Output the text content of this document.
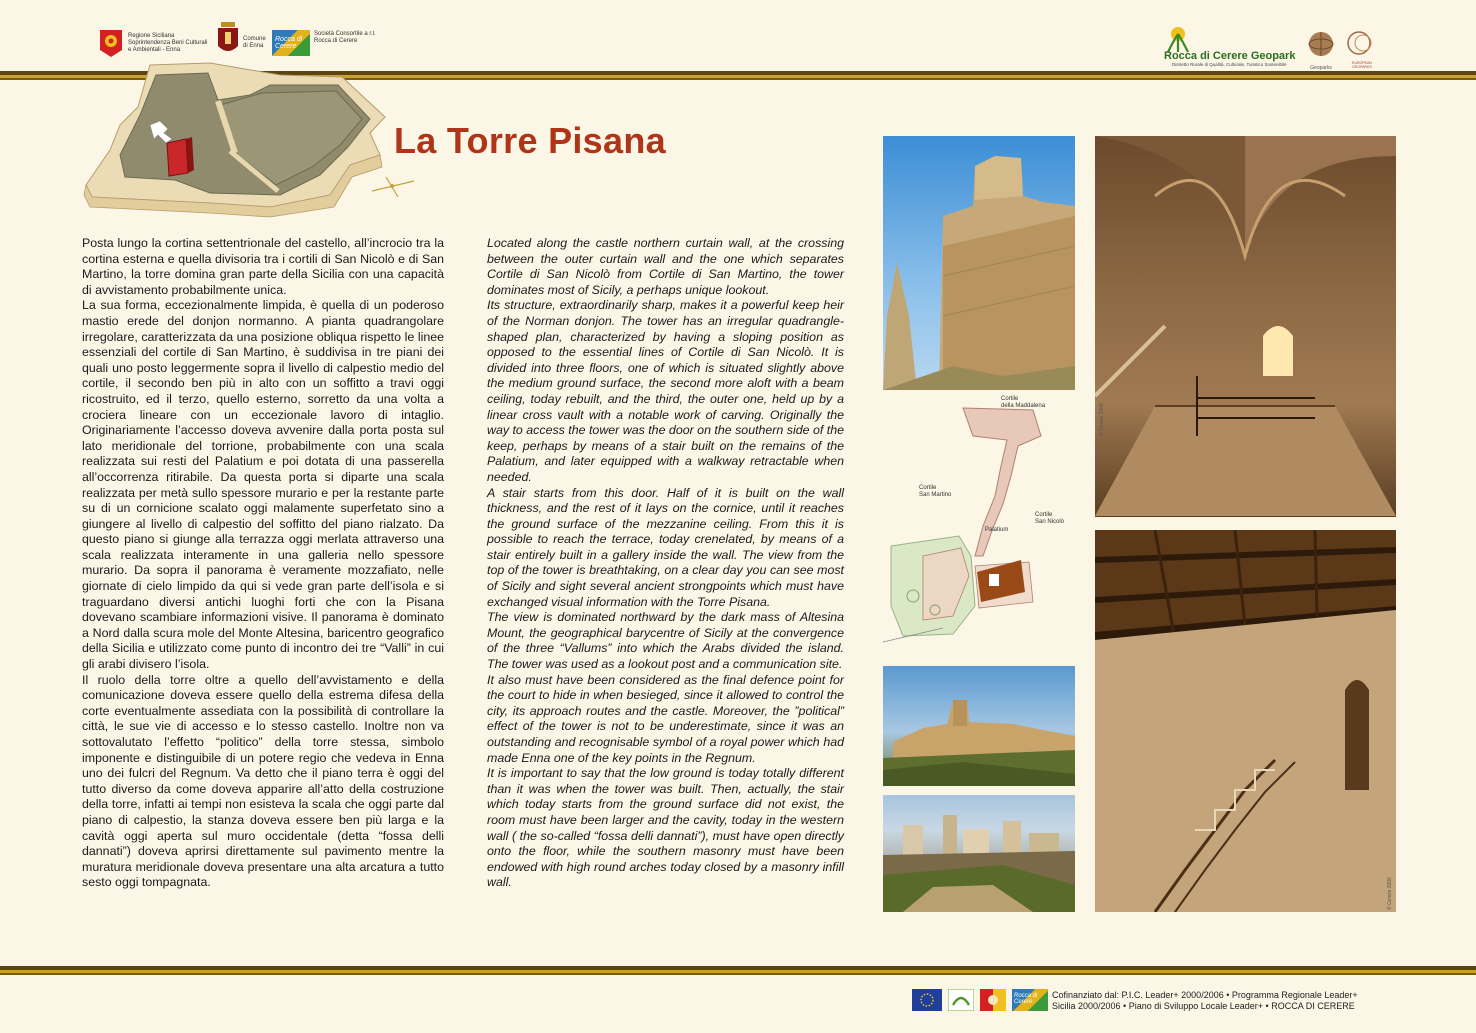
Regione Siciliana
Soprintendenza Beni Culturali
e Ambientali - Enna
Comune
di Enna
Rocca di
Cerere
Società Consortile a r.l.
Rocca di Cerere
Rocca di Cerere Geopark
Distretto Rurale di Qualità, Culturale, Turistico Sostenibile
Geoparks
EUROPEAN
GEOPARKS
La Torre Pisana

Posta lungo la cortina settentrionale del castello, all’incrocio tra la cortina esterna e quella divisoria tra i cortili di San Nicolò e di San Martino, la torre domina gran parte della Sicilia con una capacità di avvistamento probabilmente unica.

La sua forma, eccezionalmente limpida, è quella di un poderoso mastio erede del donjon normanno. A pianta quadrangolare irregolare, caratterizzata da una posizione obliqua rispetto le linee essenziali del cortile di San Martino, è suddivisa in tre piani dei quali uno posto leggermente sopra il livello di calpestio medio del cortile, il secondo ben più in alto con un soffitto a travi oggi ricostruito, ed il terzo, quello esterno, sorretto da una volta a crociera lineare con un eccezionale lavoro di intaglio. Originariamente l’accesso doveva avvenire dalla porta posta sul lato meridionale del torrione, probabilmente con una scala realizzata sui resti del Palatium e poi dotata di una passerella all’occorrenza ritirabile. Da questa porta si diparte una scala realizzata per metà sullo spessore murario e per la restante parte su di un cornicione scalato oggi malamente superfetato sino a giungere al livello di calpestio del soffitto del piano rialzato. Da questo piano si giunge alla terrazza oggi merlata attraverso una scala realizzata interamente in una galleria nello spessore murario. Da sopra il panorama è veramente mozzafiato, nelle giornate di cielo limpido da qui si vede gran parte dell’isola e si traguardano diversi antichi luoghi forti che con la Pisana dovevano scambiare informazioni visive. Il panorama è dominato a Nord dalla scura mole del Monte Altesina, baricentro geografico della Sicilia e utilizzato come punto di incontro dei tre “Valli” in cui gli arabi divisero l’isola.

Il ruolo della torre oltre a quello dell’avvistamento e della comunicazione doveva essere quello della estrema difesa della corte eventualmente assediata con la possibilità di controllare la città, le sue vie di accesso e lo stesso castello. Inoltre non va sottovalutato l’effetto “politico” della torre stessa, simbolo imponente e distinguibile di un potere regio che vedeva in Enna uno dei fulcri del Regnum. Va detto che il piano terra è oggi del tutto diverso da come doveva apparire all’atto della costruzione della torre, infatti ai tempi non esisteva la scala che oggi parte dal piano di calpestio, la stanza doveva essere ben più larga e la cavità oggi aperta sul muro occidentale (detta “fossa delli dannati”) doveva aprirsi direttamente sul pavimento mentre la muratura meridionale doveva presentare una alta arcatura a tutto sesto oggi tompagnata.

Located along the castle northern curtain wall, at the crossing between the outer curtain wall and the one which separates Cortile di San Nicolò from Cortile di San Martino, the tower dominates most of Sicily, a perhaps unique lookout.

Its structure, extraordinarily sharp, makes it a powerful keep heir of the Norman donjon. The tower has an irregular quadrangle-shaped plan, characterized by having a sloping position as opposed to the essential lines of Cortile di San Nicolò. It is divided into three floors, one of which is situated slightly above the medium ground surface, the second more aloft with a beam ceiling, today rebuilt, and the third, the outer one, held up by a linear cross vault with a notable work of carving. Originally the way to access the tower was the door on the southern side of the keep, perhaps by means of a stair built on the remains of the Palatium, and later equipped with a walkway retractable when needed.

A stair starts from this door. Half of it is built on the wall thickness, and the rest of it lays on the cornice, until it reaches the ground surface of the mezzanine ceiling. From this it is possible to reach the terrace, today crenelated, by means of a stair entirely built in a gallery inside the wall. The view from the top of the tower is breathtaking, on a clear day you can see most of Sicily and sight several ancient strongpoints which must have exchanged visual information with the Torre Pisana.

The view is dominated northward by the dark mass of Altesina Mount, the geographical barycentre of Sicily at the convergence of the three “Vallums” into which the Arabs divided the island. The tower was used as a lookout post and a communication site.

It also must have been considered as the final defence point for the court to hide in when besieged, since it allowed to control the city, its approach routes and the castle. Moreover, the ”political” effect of the tower is not to be underestimate, since it was an outstanding and recognisable symbol of a royal power which had made Enna one of the key points in the Regnum.

It is important to say that the low ground is today totally different than it was when the tower was built. Then, actually, the stair which today starts from the ground surface did not exist, the room must have been larger and the cavity, today in the western wall ( the so-called “fossa delli dannati”), must have open directly onto the floor, while the southern masonry must have been endowed with high round arches today closed by a masonry infill wall.

© Cerere 2006
Cortile
della Maddalena
Cortile
San Martino
Cortile
San Nicolò
Palatium
© Cerere 2006
Rocca di
Cerere
Cofinanziato dal: P.I.C. Leader+ 2000/2006 • Programma Regionale Leader+
Sicilia 2000/2006 • Piano di Sviluppo Locale Leader+ • ROCCA DI CERERE
